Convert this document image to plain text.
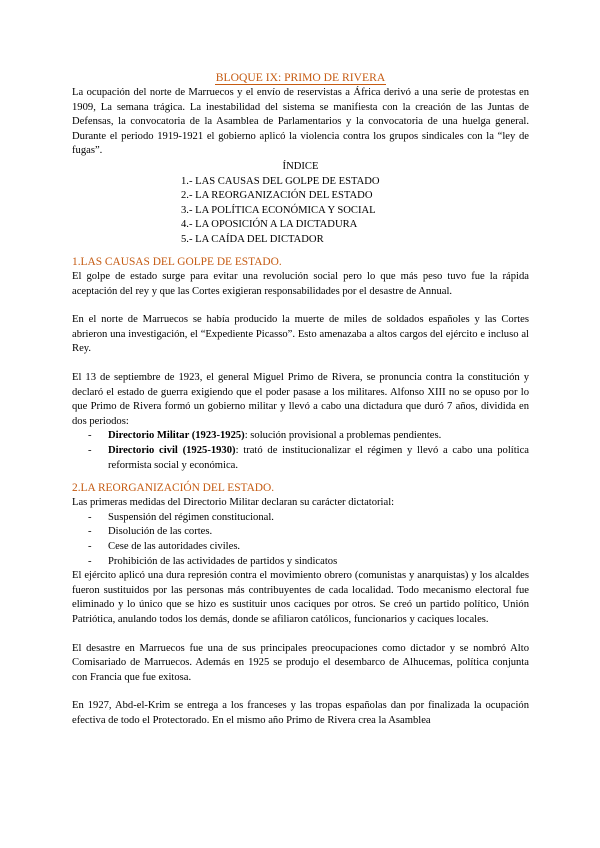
BLOQUE IX: PRIMO DE RIVERA

La ocupación del norte de Marruecos y el envío de reservistas a África derivó a una serie de protestas en 1909, La semana trágica. La inestabilidad del sistema se manifiesta con la creación de las Juntas de Defensas, la convocatoria de la Asamblea de Parlamentarios y la convocatoria de una huelga general. Durante el periodo 1919-1921 el gobierno aplicó la violencia contra los grupos sindicales con la “ley de fugas”.

ÍNDICE
1.- LAS CAUSAS DEL GOLPE DE ESTADO
2.- LA REORGANIZACIÓN DEL ESTADO
3.- LA POLÍTICA ECONÓMICA Y SOCIAL
4.- LA OPOSICIÓN A LA DICTADURA
5.- LA CAÍDA DEL DICTADOR
1.LAS CAUSAS DEL GOLPE DE ESTADO.

El golpe de estado surge para evitar una revolución social pero lo que más peso tuvo fue la rápida aceptación del rey y que las Cortes exigieran responsabilidades por el desastre de Annual.

En el norte de Marruecos se había producido la muerte de miles de soldados españoles y las Cortes abrieron una investigación, el “Expediente Picasso”. Esto amenazaba a altos cargos del ejército e incluso al Rey.

El 13 de septiembre de 1923, el general Miguel Primo de Rivera, se pronuncia contra la constitución y declaró el estado de guerra exigiendo que el poder pasase a los militares. Alfonso XIII no se opuso por lo que Primo de Rivera formó un gobierno militar y llevó a cabo una dictadura que duró 7 años, dividida en dos periodos:

- Directorio Militar (1923-1925): solución provisional a problemas pendientes.
- Directorio civil (1925-1930): trató de institucionalizar el régimen y llevó a cabo una política reformista social y económica.
2.LA REORGANIZACIÓN DEL ESTADO.

Las primeras medidas del Directorio Militar declaran su carácter dictatorial:

- Suspensión del régimen constitucional.
- Disolución de las cortes.
- Cese de las autoridades civiles.
- Prohibición de las actividades de partidos y sindicatos

El ejército aplicó una dura represión contra el movimiento obrero (comunistas y anarquistas) y los alcaldes fueron sustituidos por las personas más contribuyentes de cada localidad. Todo mecanismo electoral fue eliminado y lo único que se hizo es sustituir unos caciques por otros. Se creó un partido político, Unión Patriótica, anulando todos los demás, donde se afiliaron católicos, funcionarios y caciques locales.

El desastre en Marruecos fue una de sus principales preocupaciones como dictador y se nombró Alto Comisariado de Marruecos. Además en 1925 se produjo el desembarco de Alhucemas, política conjunta con Francia que fue exitosa.

En 1927, Abd-el-Krim se entrega a los franceses y las tropas españolas dan por finalizada la ocupación efectiva de todo el Protectorado. En el mismo año Primo de Rivera crea la Asamblea
